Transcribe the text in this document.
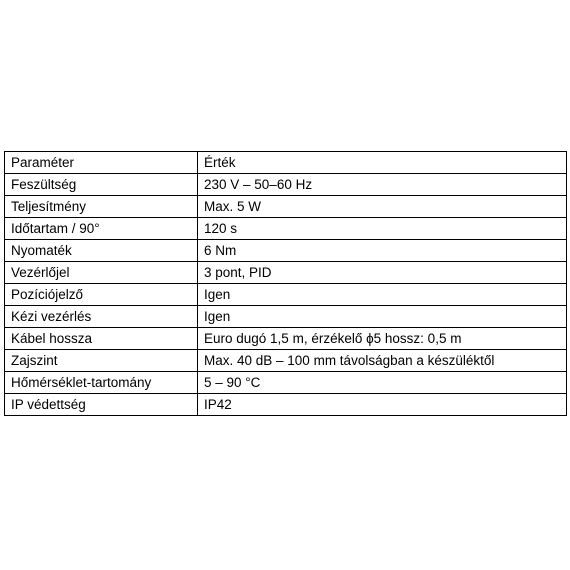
Paraméter	Érték
Feszültség	230 V – 50–60 Hz
Teljesítmény	Max. 5 W
Időtartam / 90°	120 s
Nyomaték	6 Nm
Vezérlőjel	3 pont, PID
Pozíciójelző	Igen
Kézi vezérlés	Igen
Kábel hossza	Euro dugó 1,5 m, érzékelő ϕ5 hossz: 0,5 m
Zajszint	Max. 40 dB – 100 mm távolságban a készüléktől
Hőmérséklet-tartomány	5 – 90 °C
IP védettség	IP42
